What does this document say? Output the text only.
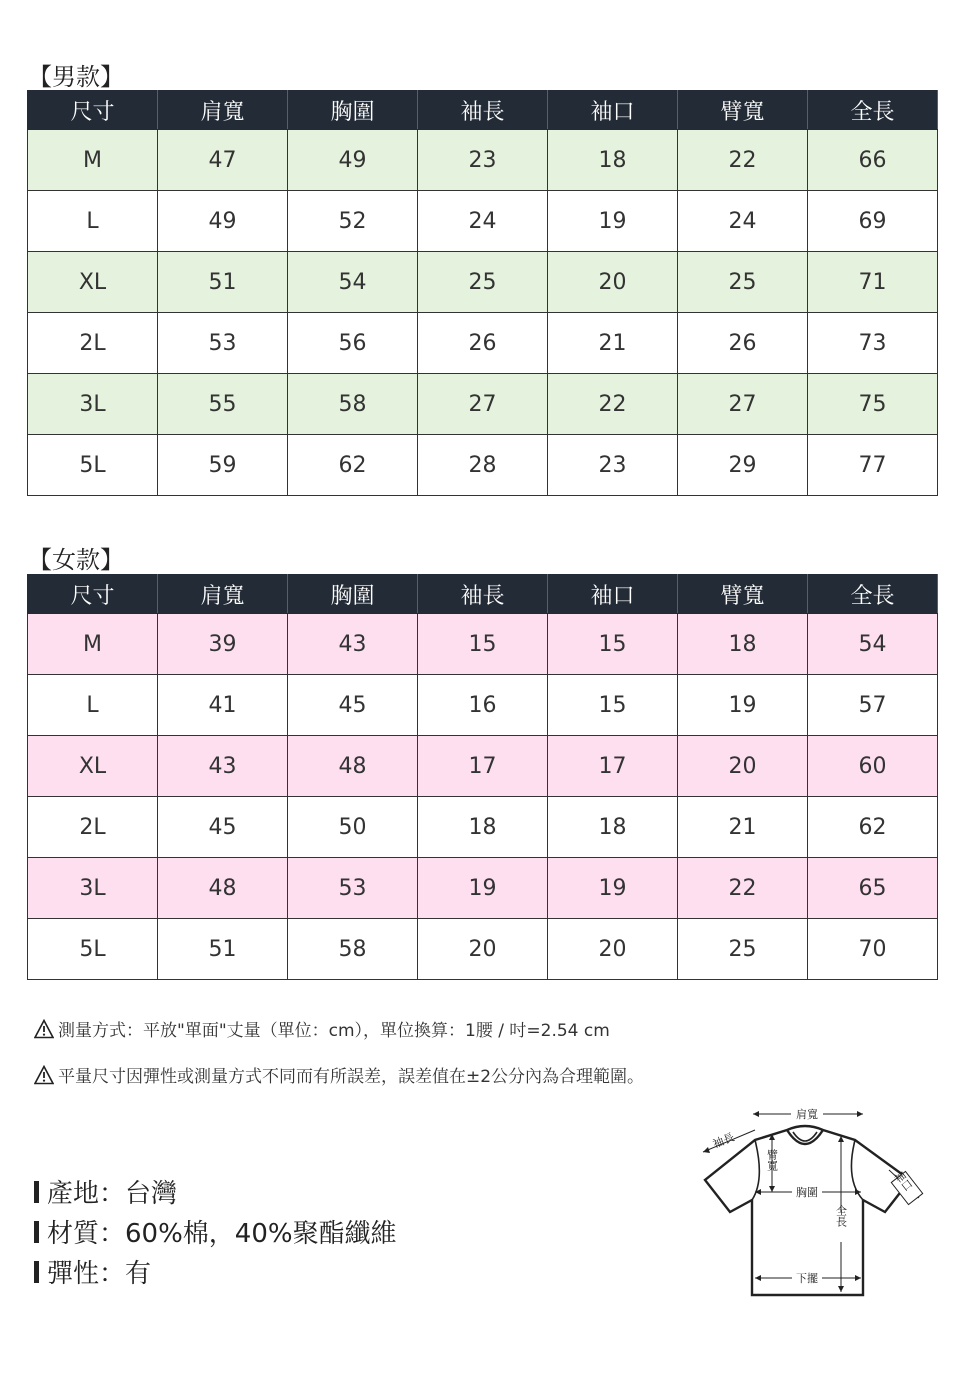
【男款】
尺寸	肩寬	胸圍	袖長	袖口	臂寬	全長
M	47	49	23	18	22	66
L	49	52	24	19	24	69
XL	51	54	25	20	25	71
2L	53	56	26	21	26	73
3L	55	58	27	22	27	75
5L	59	62	28	23	29	77
【女款】
尺寸	肩寬	胸圍	袖長	袖口	臂寬	全長
M	39	43	15	15	18	54
L	41	45	16	15	19	57
XL	43	48	17	17	20	60
2L	45	50	18	18	21	62
3L	48	53	19	19	22	65
5L	51	58	20	20	25	70
測量方式：平放"單面"丈量（單位：cm），單位換算：1腰 / 吋=2.54 cm
平量尺寸因彈性或測量方式不同而有所誤差，誤差值在±2公分內為合理範圍。
產地：台灣
材質：60%棉，40%聚酯纖維
彈性：有
肩寬
袖長
臂寬
胸圍
全長
下擺
袖口
